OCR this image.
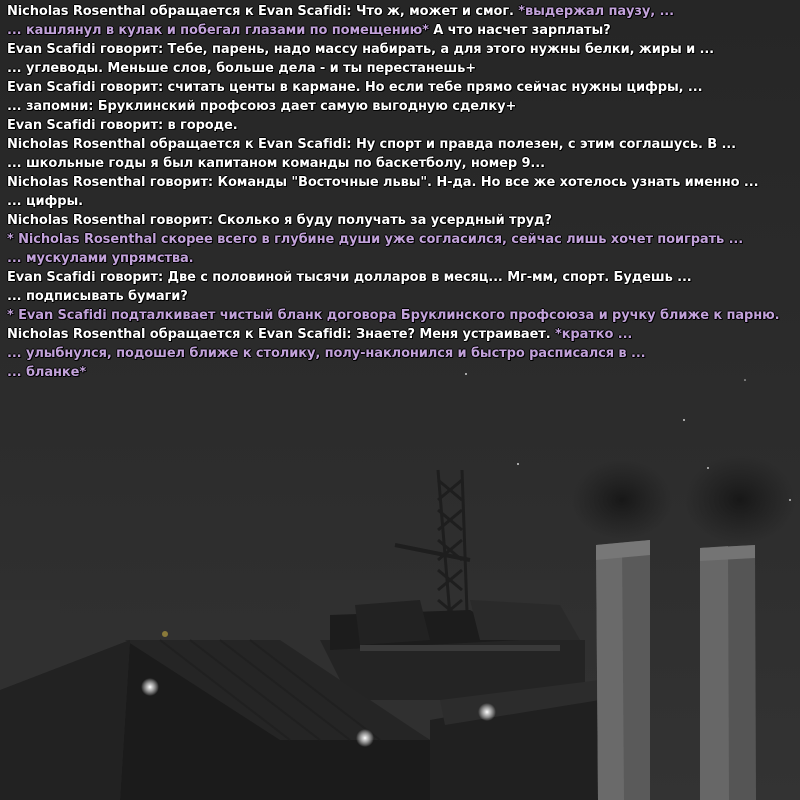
Nicholas Rosenthal обращается к Evan Scafidi: Что ж, может и смог. *выдержал паузу, ...
... кашлянул в кулак и побегал глазами по помещению* А что насчет зарплаты?
Evan Scafidi говорит: Тебе, парень, надо массу набирать, а для этого нужны белки, жиры и ...
... углеводы. Меньше слов, больше дела - и ты перестанешь+
Evan Scafidi говорит: считать центы в кармане. Но если тебе прямо сейчас нужны цифры, ...
... запомни: Бруклинский профсоюз дает самую выгодную сделку+
Evan Scafidi говорит: в городе.
Nicholas Rosenthal обращается к Evan Scafidi: Ну спорт и правда полезен, с этим соглашусь. В ...
... школьные годы я был капитаном команды по баскетболу, номер 9...
Nicholas Rosenthal говорит: Команды "Восточные львы". Н-да. Но все же хотелось узнать именно ...
... цифры.
Nicholas Rosenthal говорит: Сколько я буду получать за усердный труд?
* Nicholas Rosenthal скорее всего в глубине души уже согласился, сейчас лишь хочет поиграть ...
... мускулами упрямства.
Evan Scafidi говорит: Две с половиной тысячи долларов в месяц... Мг-мм, спорт. Будешь ...
... подписывать бумаги?
* Evan Scafidi подталкивает чистый бланк договора Бруклинского профсоюза и ручку ближе к парню.
Nicholas Rosenthal обращается к Evan Scafidi: Знаете? Меня устраивает. *кратко ...
... улыбнулся, подошел ближе к столику, полу-наклонился и быстро расписался в ...
... бланке*
